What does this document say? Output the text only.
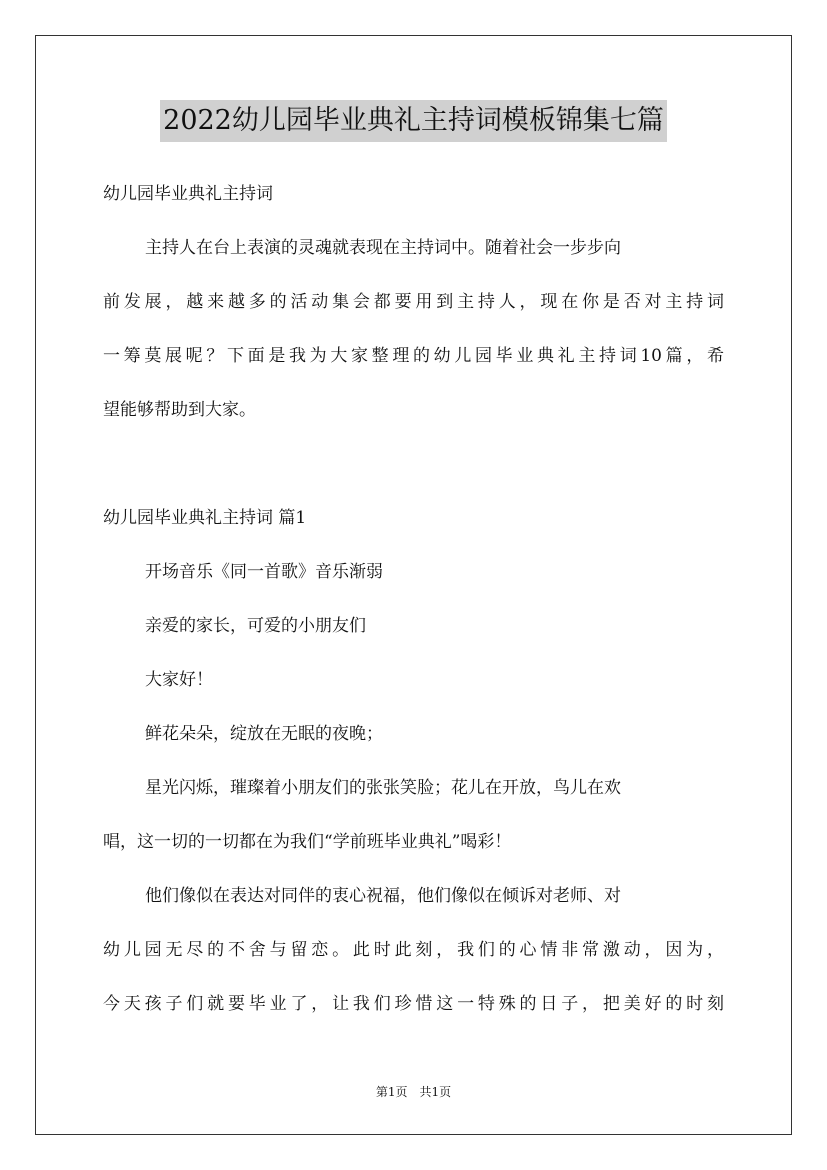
2022幼儿园毕业典礼主持词模板锦集七篇
幼儿园毕业典礼主持词
主持人在台上表演的灵魂就表现在主持词中。随着社会一步步向
前发展，越来越多的活动集会都要用到主持人，现在你是否对主持词
一筹莫展呢？下面是我为大家整理的幼儿园毕业典礼主持词10篇，希
望能够帮助到大家。
幼儿园毕业典礼主持词 篇1
开场音乐《同一首歌》音乐渐弱
亲爱的家长，可爱的小朋友们
大家好！
鲜花朵朵，绽放在无眠的夜晚；
星光闪烁，璀璨着小朋友们的张张笑脸；花儿在开放，鸟儿在欢
唱，这一切的一切都在为我们“学前班毕业典礼”喝彩！
他们像似在表达对同伴的衷心祝福，他们像似在倾诉对老师、对
幼儿园无尽的不舍与留恋。此时此刻，我们的心情非常激动，因为，
今天孩子们就要毕业了，让我们珍惜这一特殊的日子，把美好的时刻
第1页 共1页
